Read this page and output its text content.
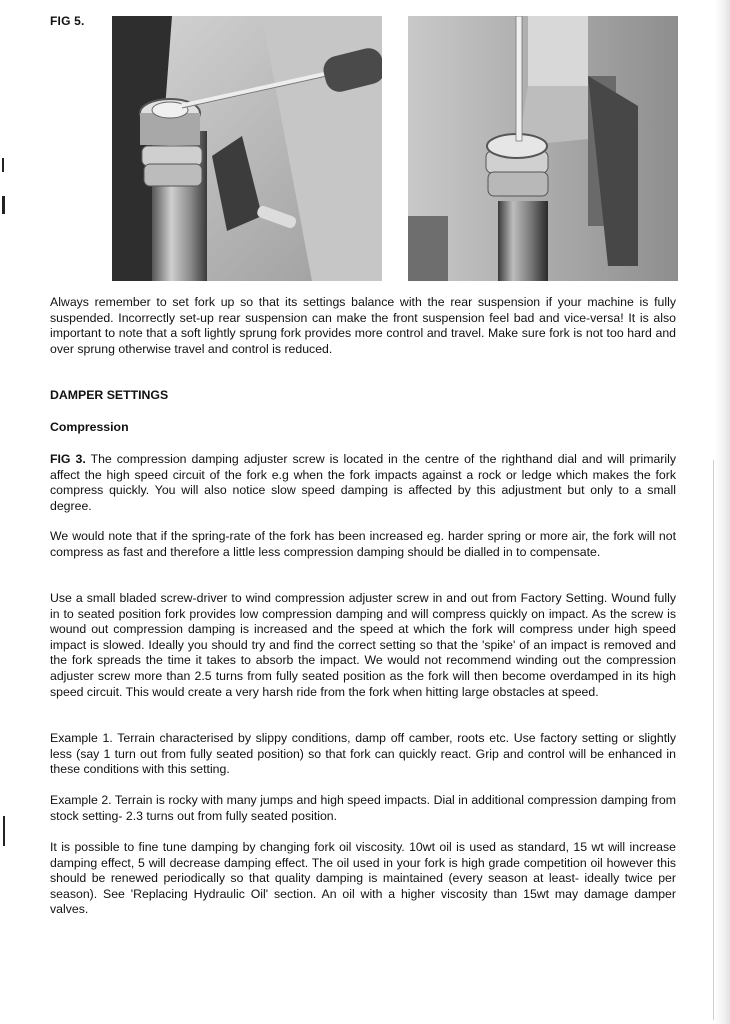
FIG 5.
Always remember to set fork up so that its settings balance with the rear suspension if your machine is fully suspended. Incorrectly set-up rear suspension can make the front suspension feel bad and vice-versa! It is also important to note that a soft lightly sprung fork provides more control and travel. Make sure fork is not too hard and over sprung otherwise travel and control is reduced.
DAMPER SETTINGS
Compression
FIG 3. The compression damping adjuster screw is located in the centre of the righthand dial and will primarily affect the high speed circuit of the fork e.g when the fork impacts against a rock or ledge which makes the fork compress quickly. You will also notice slow speed damping is affected by this adjustment but only to a small degree.
We would note that if the spring-rate of the fork has been increased eg. harder spring or more air, the fork will not compress as fast and therefore a little less compression damping should be dialled in to compensate.
Use a small bladed screw-driver to wind compression adjuster screw in and out from Factory Setting. Wound fully in to seated position fork provides low compression damping and will compress quickly on impact. As the screw is wound out compression damping is increased and the speed at which the fork will compress under high speed impact is slowed. Ideally you should try and find the correct setting so that the 'spike' of an impact is removed and the fork spreads the time it takes to absorb the impact. We would not recommend winding out the compression adjuster screw more than 2.5 turns from fully seated position as the fork will then become overdamped in its high speed circuit. This would create a very harsh ride from the fork when hitting large obstacles at speed.
Example 1. Terrain characterised by slippy conditions, damp off camber, roots etc. Use factory setting or slightly less (say 1 turn out from fully seated position) so that fork can quickly react. Grip and control will be enhanced in these conditions with this setting.
Example 2. Terrain is rocky with many jumps and high speed impacts. Dial in additional compression damping from stock setting- 2.3 turns out from fully seated position.
It is possible to fine tune damping by changing fork oil viscosity. 10wt oil is used as standard, 15 wt will increase damping effect, 5 will decrease damping effect. The oil used in your fork is high grade competition oil however this should be renewed periodically so that quality damping is maintained (every season at least- ideally twice per season). See 'Replacing Hydraulic Oil' section. An oil with a higher viscosity than 15wt may damage damper valves.
